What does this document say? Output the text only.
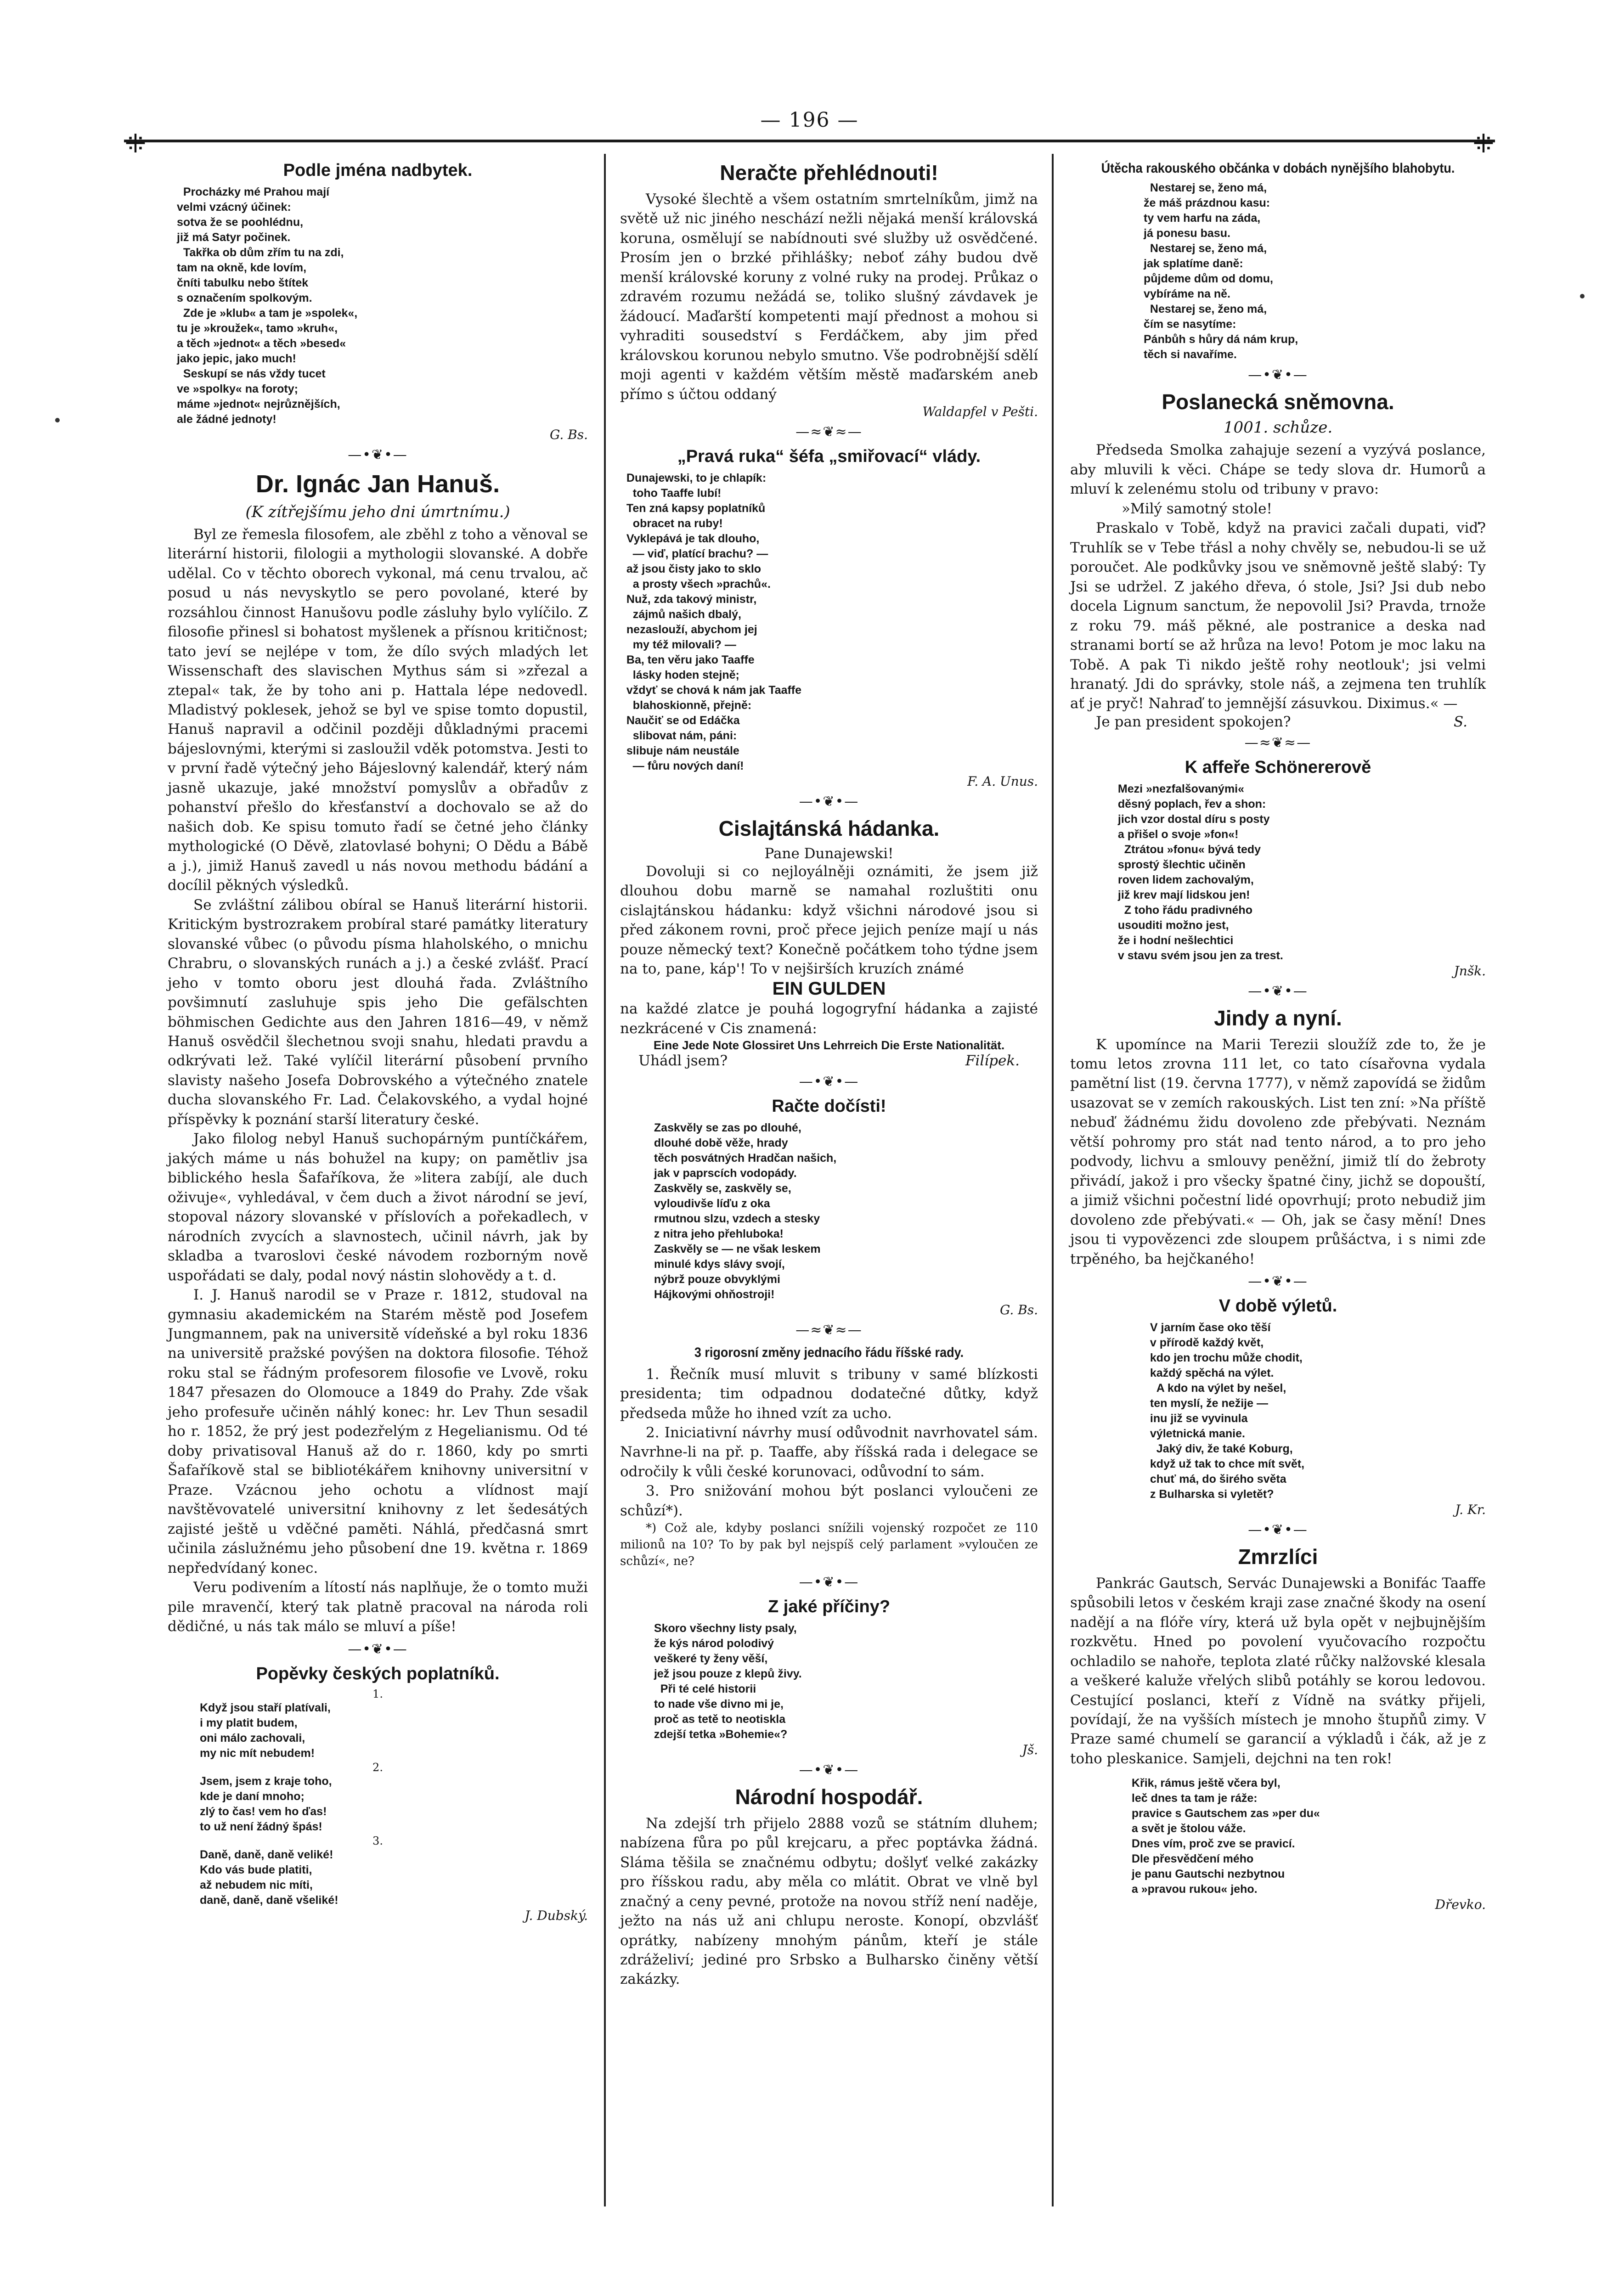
— 196 —
⁜	⁜
Podle jména nadbytek.
Procházky mé Prahou mají
velmi vzácný účinek:
sotva že se poohlédnu,
již má Satyr počinek.
Takřka ob dům zřím tu na zdi,
tam na okně, kde lovím,
čníti tabulku nebo štítek
s označením spolkovým.
Zde je »klub« a tam je »spolek«,
tu je »kroužek«, tamo »kruh«,
a těch »jednot« a těch »besed«
jako jepic, jako much!
Seskupí se nás vždy tucet
ve »spolky« na foroty;
máme »jednot« nejrůznějších,
ale žádné jednoty!
G. Bs.
—•❦•—
Dr. Ignác Jan Hanuš.
(K zítřejšímu jeho dni úmrtnímu.)

Byl ze řemesla filosofem, ale zběhl z toho a věnoval se literární historii, filologii a mythologii slovanské. A dobře udělal. Co v těchto oborech vykonal, má cenu trvalou, ač posud u nás nevyskytlo se pero povolané, které by rozsáhlou činnost Hanušovu podle zásluhy bylo vylíčilo. Z filosofie přinesl si bohatost myšlenek a přísnou kritičnost; tato jeví se nejlépe v tom, že dílo svých mladých let Wissenschaft des slavischen Mythus sám si »zřezal a ztepal« tak, že by toho ani p. Hattala lépe nedovedl. Mladistvý poklesek, jehož se byl ve spise tomto dopustil, Hanuš napravil a odčinil později důkladnými pracemi bájeslovnými, kterými si zasloužil vděk potomstva. Jesti to v první řadě výtečný jeho Bájeslovný kalendář, který nám jasně ukazuje, jaké množství pomyslův a obřadův z pohanství přešlo do křesťanství a dochovalo se až do našich dob. Ke spisu tomuto řadí se četné jeho články mythologické (O Děvě, zlatovlasé bohyni; O Dědu a Bábě a j.), jimiž Hanuš zavedl u nás novou methodu bádání a docílil pěkných výsledků.

Se zvláštní zálibou obíral se Hanuš literární historii. Kritickým bystrozrakem probíral staré památky literatury slovanské vůbec (o původu písma hlaholského, o mnichu Chrabru, o slovanských runách a j.) a české zvlášť. Prací jeho v tomto oboru jest dlouhá řada. Zvláštního povšimnutí zasluhuje spis jeho Die gefälschten böhmischen Gedichte aus den Jahren 1816—49, v němž Hanuš osvědčil šlechetnou svoji snahu, hledati pravdu a odkrývati lež. Také vylíčil literární působení prvního slavisty našeho Josefa Dobrovského a výtečného znatele ducha slovanského Fr. Lad. Čelakovského, a vydal hojné příspěvky k poznání starší literatury české.

Jako filolog nebyl Hanuš suchopárným puntíčkářem, jakých máme u nás bohužel na kupy; on pamětliv jsa biblického hesla Šafaříkova, že »litera zabíjí, ale duch oživuje«, vyhledával, v čem duch a život národní se jeví, stopoval názory slovanské v příslovích a pořekadlech, v národních zvycích a slavnostech, učinil návrh, jak by skladba a tvaroslovi české návodem rozborným nově uspořádati se daly, podal nový nástin slohovědy a t. d.

I. J. Hanuš narodil se v Praze r. 1812, studoval na gymnasiu akademickém na Starém městě pod Josefem Jungmannem, pak na universitě vídeňské a byl roku 1836 na universitě pražské povýšen na doktora filosofie. Téhož roku stal se řádným profesorem filosofie ve Lvově, roku 1847 přesazen do Olomouce a 1849 do Prahy. Zde však jeho profesuře učiněn náhlý konec: hr. Lev Thun sesadil ho r. 1852, že prý jest podezřelým z Hegelianismu. Od té doby privatisoval Hanuš až do r. 1860, kdy po smrti Šafaříkově stal se bibliotékářem knihovny universitní v Praze. Vzácnou jeho ochotu a vlídnost mají navštěvovatelé universitní knihovny z let šedesátých zajisté ještě u vděčné paměti. Náhlá, předčasná smrt učinila záslužnému jeho působení dne 19. května r. 1869 nepředvídaný konec.

Veru podivením a lítostí nás naplňuje, že o tomto muži pile mravenčí, který tak platně pracoval na národa roli dědičné, u nás tak málo se mluví a píše!

—•❦•—
Popěvky českých poplatníků.
1.
Když jsou staří platívali,
i my platit budem,
oni málo zachovali,
my nic mít nebudem!
2.
Jsem, jsem z kraje toho,
kde je daní mnoho;
zlý to čas! vem ho ďas!
to už není žádný špás!
3.
Daně, daně, daně veliké!
Kdo vás bude platiti,
až nebudem nic míti,
daně, daně, daně všeliké!
J. Dubský.
Neračte přehlédnouti!

Vysoké šlechtě a všem ostatním smrtelníkům, jimž na světě už nic jiného neschází nežli nějaká menší královská koruna, osmělují se nabídnouti své služby už osvědčené. Prosím jen o brzké přihlášky; neboť záhy budou dvě menší královské koruny z volné ruky na prodej. Průkaz o zdravém rozumu nežádá se, toliko slušný závdavek je žádoucí. Maďarští kompetenti mají přednost a mohou si vyhraditi sousedství s Ferdáčkem, aby jim před královskou korunou nebylo smutno. Vše podrobnější sdělí moji agenti v každém větším městě maďarském aneb přímo s účtou oddaný

Waldapfel v Pešti.
—≈❦≈—
„Pravá ruka“ šéfa „smiřovací“ vlády.
Dunajewski, to je chlapík:
toho Taaffe lubí!
Ten zná kapsy poplatníků
obracet na ruby!
Vyklepává je tak dlouho,
— viď, platící brachu? —
až jsou čisty jako to sklo
a prosty všech »prachů«.
Nuž, zda takový ministr,
zájmů našich dbalý,
nezaslouží, abychom jej
my též milovali? —
Ba, ten věru jako Taaffe
lásky hoden stejně;
vždyť se chová k nám jak Taaffe
blahoskionně, přejně:
Naučiť se od Edáčka
slibovat nám, páni:
slibuje nám neustále
— fůru nových daní!
F. A. Unus.
—•❦•—
Cislajtánská hádanka.
Pane Dunajewski!

Dovoluji si co nejloyálněji oznámiti, že jsem již dlouhou dobu marně se namahal rozluštiti onu cislajtánskou hádanku: když všichni národové jsou si před zákonem rovni, proč přece jejich peníze mají u nás pouze německý text? Konečně počátkem toho týdne jsem na to, pane, káp'! To v nejširších kruzích známé

EIN GULDEN

na každé zlatce je pouhá logogryfní hádanka a zajisté nezkrácené v Cis znamená:

Eine Jede Note Glossiret Uns Lehrreich Die Erste Nationalität.
Uhádl jsem?	Filípek.
—•❦•—
Račte dočísti!
Zaskvěly se zas po dlouhé,
dlouhé době věže, hrady
těch posvátných Hradčan našich,
jak v paprscích vodopády.
Zaskvěly se, zaskvěly se,
vyloudivše líďu z oka
rmutnou slzu, vzdech a stesky
z nitra jeho přehluboka!
Zaskvěly se — ne však leskem
minulé kdys slávy svojí,
nýbrž pouze obvyklými
Hájkovými ohňostroji!
G. Bs.
—≈❦≈—
3 rigorosní změny jednacího řádu říšské rady.

1. Řečník musí mluvit s tribuny v samé blízkosti presidenta; tim odpadnou dodatečné důtky, když předseda může ho ihned vzít za ucho.

2. Iniciativní návrhy musí odůvodnit navrhovatel sám. Navrhne-li na př. p. Taaffe, aby říšská rada i delegace se odročily k vůli české korunovaci, odůvodní to sám.

3. Pro snižování mohou být poslanci vyloučeni ze schůzí*).

*) Což ale, kdyby poslanci snížili vojenský rozpočet ze 110 milionů na 10? To by pak byl nejspíš celý parlament »vyloučen ze schůzí«, ne?

—•❦•—
Z jaké příčiny?
Skoro všechny listy psaly,
že kýs národ polodivý
veškeré ty ženy věší,
jež jsou pouze z klepů živy.
Při té celé historii
to nade vše divno mi je,
proč as tetě to neotiskla
zdejší tetka »Bohemie«?
Jš.
—•❦•—
Národní hospodář.

Na zdejší trh přijelo 2888 vozů se státním dluhem; nabízena fůra po půl krejcaru, a přec poptávka žádná. Sláma těšila se značnému odbytu; došlyť velké zakázky pro říšskou radu, aby měla co mlátit. Obrat ve vlně byl značný a ceny pevné, protože na novou stříž není naděje, ježto na nás už ani chlupu neroste. Konopí, obzvlášť oprátky, nabízeny mnohým pánům, kteří je stále zdráželiví; jediné pro Srbsko a Bulharsko činěny větší zakázky.

Útěcha rakouského občánka v dobách nynějšího blahobytu.
Nestarej se, ženo má,
že máš prázdnou kasu:
ty vem harfu na záda,
já ponesu basu.
Nestarej se, ženo má,
jak splatíme daně:
půjdeme dům od domu,
vybíráme na ně.
Nestarej se, ženo má,
čím se nasytíme:
Pánbůh s hůry dá nám krup,
těch si navaříme.
—•❦•—
Poslanecká sněmovna.
1001. schůze.

Předseda Smolka zahajuje sezení a vyzývá poslance, aby mluvili k věci. Chápe se tedy slova dr. Humorů a mluví k zelenému stolu od tribuny v pravo:

»Milý samotný stole!

Praskalo v Tobě, když na pravici začali dupati, viď? Truhlík se v Tebe třásl a nohy chvěly se, nebudou-li se už poroučet. Ale podkůvky jsou ve sněmovně ještě slabý: Ty Jsi se udržel. Z jakého dřeva, ó stole, Jsi? Jsi dub nebo docela Lignum sanctum, že nepovolil Jsi? Pravda, trnože z roku 79. máš pěkné, ale postranice a deska nad stranami bortí se až hrůza na levo! Potom je moc laku na Tobě. A pak Ti nikdo ještě rohy neotlouk'; jsi velmi hranatý. Jdi do správky, stole náš, a zejmena ten truhlík ať je pryč! Nahraď to jemnější zásuvkou. Diximus.« —

Je pan president spokojen?	S.
—≈❦≈—
K affeře Schönererově
Mezi »nezfalšovanými«
děsný poplach, řev a shon:
jich vzor dostal díru s posty
a přišel o svoje »fon«!
Ztrátou »fonu« bývá tedy
sprostý šlechtic učiněn
roven lidem zachovalým,
již krev mají lidskou jen!
Z toho řádu pradivného
usouditi možno jest,
že i hodní nešlechtici
v stavu svém jsou jen za trest.
Jnšk.
—•❦•—
Jindy a nyní.

K upomínce na Marii Terezii sloužíž zde to, že je tomu letos zrovna 111 let, co tato císařovna vydala pamětní list (19. června 1777), v němž zapovídá se židům usazovat se v zemích rakouských. List ten zní: »Na příště nebuď žádnému židu dovoleno zde přebývati. Neznám větší pohromy pro stát nad tento národ, a to pro jeho podvody, lichvu a smlouvy peněžní, jimiž tlí do žebroty přivádí, jakož i pro všecky špatné činy, jichž se dopouští, a jimiž všichni počestní lidé opovrhují; proto nebudiž jim dovoleno zde přebývati.« — Oh, jak se časy mění! Dnes jsou ti vypovězenci zde sloupem průšáctva, i s nimi zde trpěného, ba hejčkaného!

—•❦•—
V době výletů.
V jarním čase oko těší
v přírodě každý květ,
kdo jen trochu může chodit,
každý spěchá na výlet.
A kdo na výlet by nešel,
ten myslí, že nežije —
inu již se vyvinula
výletnická manie.
Jaký div, že také Koburg,
když už tak to chce mít svět,
chuť má, do širého světa
z Bulharska si vyletět?
J. Kr.
—•❦•—
Zmrzlíci

Pankrác Gautsch, Servác Dunajewski a Bonifác Taaffe spůsobili letos v českém kraji zase značné škody na osení nadějí a na flóře víry, která už byla opět v nejbujnějším rozkvětu. Hned po povolení vyučovacího rozpočtu ochladilo se nahoře, teplota zlaté růčky nalžovské klesala a veškeré kaluže vřelých slibů potáhly se korou ledovou. Cestující poslanci, kteří z Vídně na svátky přijeli, povídají, že na vyšších místech je mnoho štupňů zimy. V Praze samé chumelí se garancií a výkladů i čák, až je z toho pleskanice. Samjeli, dejchni na ten rok!

Křik, rámus ještě včera byl,
leč dnes ta tam je ráže:
pravice s Gautschem zas »per du«
a svět je štolou váže.
Dnes vím, proč zve se pravicí.
Dle přesvědčení mého
je panu Gautschi nezbytnou
a »pravou rukou« jeho.
Dřevko.
